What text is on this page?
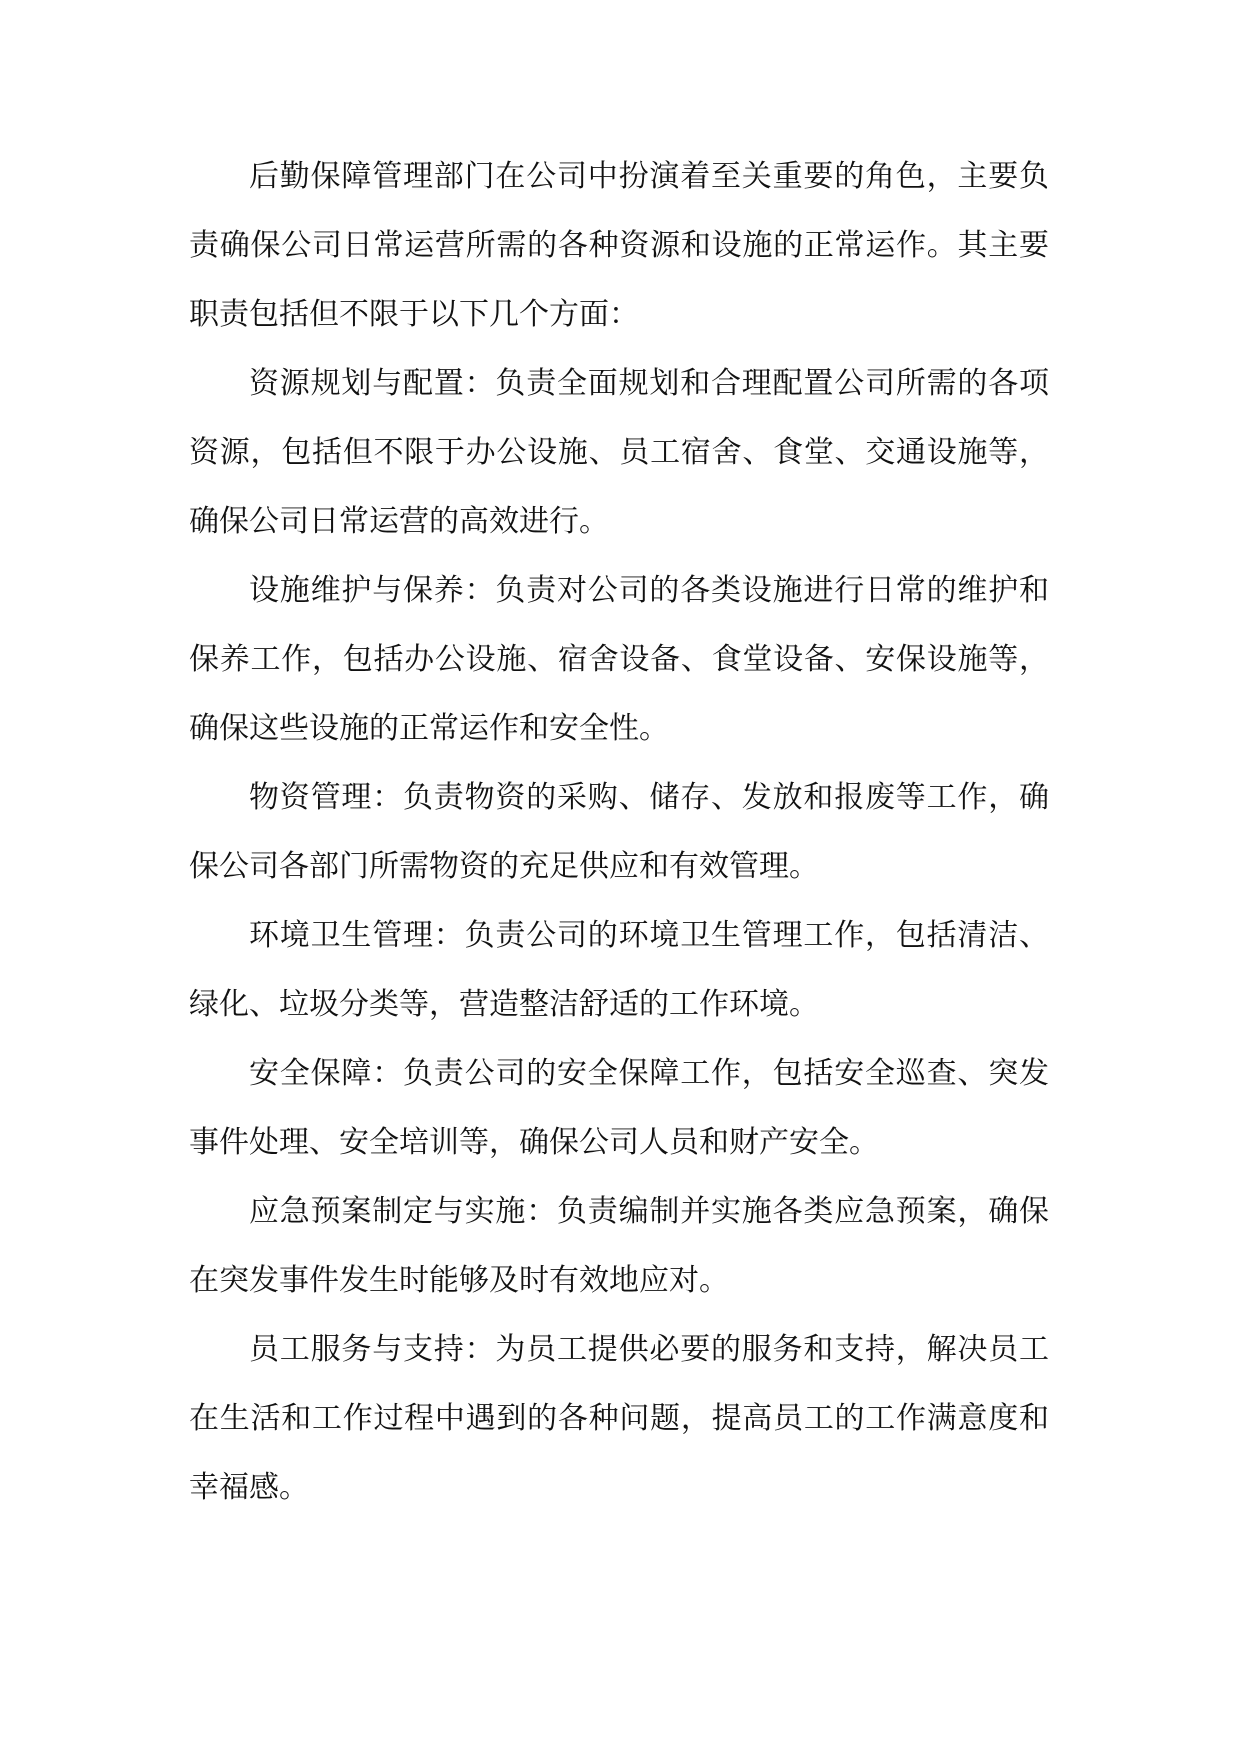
后勤保障管理部门在公司中扮演着至关重要的角色，主要负责确保公司日常运营所需的各种资源和设施的正常运作。其主要职责包括但不限于以下几个方面：

资源规划与配置：负责全面规划和合理配置公司所需的各项资源，包括但不限于办公设施、员工宿舍、食堂、交通设施等，确保公司日常运营的高效进行。

设施维护与保养：负责对公司的各类设施进行日常的维护和保养工作，包括办公设施、宿舍设备、食堂设备、安保设施等，确保这些设施的正常运作和安全性。

物资管理：负责物资的采购、储存、发放和报废等工作，确保公司各部门所需物资的充足供应和有效管理。

环境卫生管理：负责公司的环境卫生管理工作，包括清洁、绿化、垃圾分类等，营造整洁舒适的工作环境。

安全保障：负责公司的安全保障工作，包括安全巡查、突发事件处理、安全培训等，确保公司人员和财产安全。

应急预案制定与实施：负责编制并实施各类应急预案，确保在突发事件发生时能够及时有效地应对。

员工服务与支持：为员工提供必要的服务和支持，解决员工在生活和工作过程中遇到的各种问题，提高员工的工作满意度和幸福感。
